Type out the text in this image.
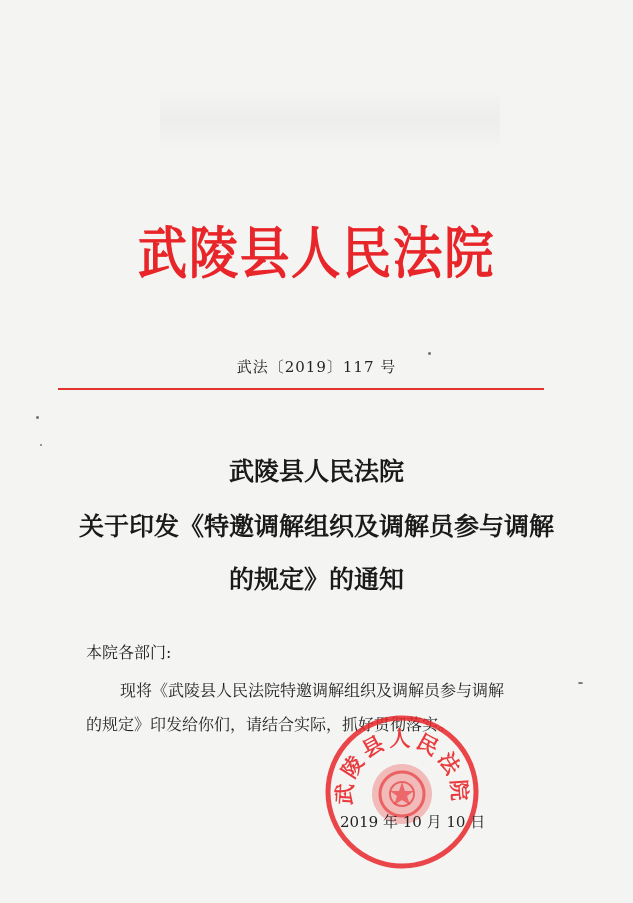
武陵县人民法院
武法〔2019〕117 号
武陵县人民法院
关于印发《特邀调解组织及调解员参与调解
的规定》的通知
本院各部门:
现将《武陵县人民法院特邀调解组织及调解员参与调解
的规定》印发给你们，请结合实际，抓好贯彻落实。
武陵县人民法院
2019 年 10 月 10 日
